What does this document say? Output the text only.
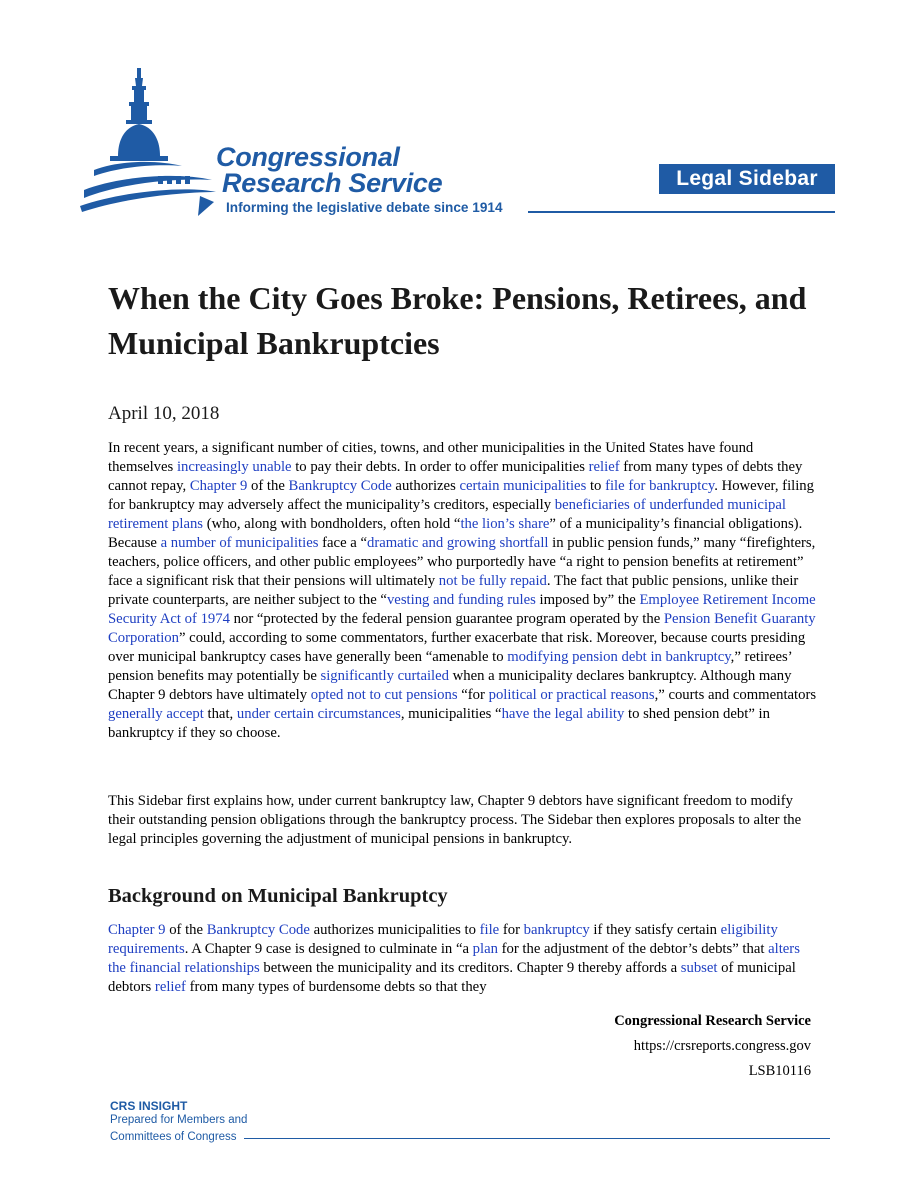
Congressional
Research Service
Informing the legislative debate since 1914
Legal Sidebar
When the City Goes Broke: Pensions, Retirees, and Municipal Bankruptcies
April 10, 2018

In recent years, a significant number of cities, towns, and other municipalities in the United States have found themselves increasingly unable to pay their debts. In order to offer municipalities relief from many types of debts they cannot repay, Chapter 9 of the Bankruptcy Code authorizes certain municipalities to file for bankruptcy. However, filing for bankruptcy may adversely affect the municipality’s creditors, especially beneficiaries of underfunded municipal retirement plans (who, along with bondholders, often hold “the lion’s share” of a municipality’s financial obligations). Because a number of municipalities face a “dramatic and growing shortfall in public pension funds,” many “firefighters, teachers, police officers, and other public employees” who purportedly have “a right to pension benefits at retirement” face a significant risk that their pensions will ultimately not be fully repaid. The fact that public pensions, unlike their private counterparts, are neither subject to the “vesting and funding rules imposed by” the Employee Retirement Income Security Act of 1974 nor “protected by the federal pension guarantee program operated by the Pension Benefit Guaranty Corporation” could, according to some commentators, further exacerbate that risk. Moreover, because courts presiding over municipal bankruptcy cases have generally been “amenable to modifying pension debt in bankruptcy,” retirees’ pension benefits may potentially be significantly curtailed when a municipality declares bankruptcy. Although many Chapter 9 debtors have ultimately opted not to cut pensions “for political or practical reasons,” courts and commentators generally accept that, under certain circumstances, municipalities “have the legal ability to shed pension debt” in bankruptcy if they so choose.

This Sidebar first explains how, under current bankruptcy law, Chapter 9 debtors have significant freedom to modify their outstanding pension obligations through the bankruptcy process. The Sidebar then explores proposals to alter the legal principles governing the adjustment of municipal pensions in bankruptcy.

Background on Municipal Bankruptcy

Chapter 9 of the Bankruptcy Code authorizes municipalities to file for bankruptcy if they satisfy certain eligibility requirements. A Chapter 9 case is designed to culminate in “a plan for the adjustment of the debtor’s debts” that alters the financial relationships between the municipality and its creditors. Chapter 9 thereby affords a subset of municipal debtors relief from many types of burdensome debts so that they

Congressional Research Service
https://crsreports.congress.gov
LSB10116
CRS INSIGHT
Prepared for Members and
Committees of Congress
